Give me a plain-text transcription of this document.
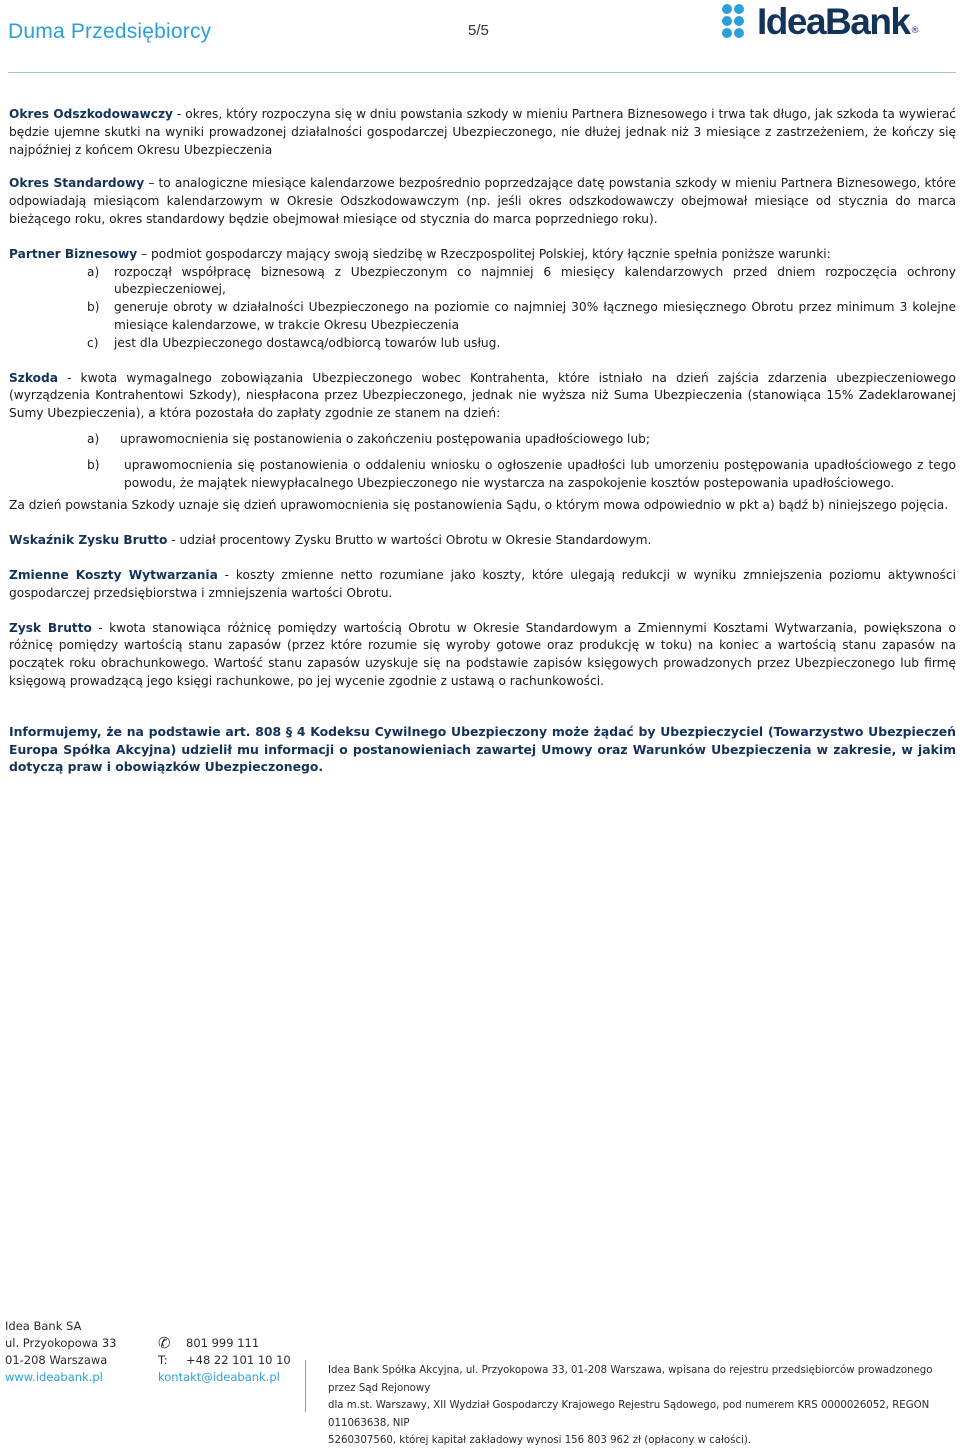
Duma Przedsiębiorcy	5/5	IdeaBank ®

Okres Odszkodowawczy - okres, który rozpoczyna się w dniu powstania szkody w mieniu Partnera Biznesowego i trwa tak długo, jak szkoda ta wywierać będzie ujemne skutki na wyniki prowadzonej działalności gospodarczej Ubezpieczonego, nie dłużej jednak niż 3 miesiące z zastrzeżeniem, że kończy się najpóźniej z końcem Okresu Ubezpieczenia

Okres Standardowy – to analogiczne miesiące kalendarzowe bezpośrednio poprzedzające datę powstania szkody w mieniu Partnera Biznesowego, które odpowiadają miesiącom kalendarzowym w Okresie Odszkodowawczym (np. jeśli okres odszkodowawczy obejmował miesiące od stycznia do marca bieżącego roku, okres standardowy będzie obejmował miesiące od stycznia do marca poprzedniego roku).

Partner Biznesowy – podmiot gospodarczy mający swoją siedzibę w Rzeczpospolitej Polskiej, który łącznie spełnia poniższe warunki:

a)	rozpoczął współpracę biznesową z Ubezpieczonym co najmniej 6 miesięcy kalendarzowych przed dniem rozpoczęcia ochrony ubezpieczeniowej,
b)	generuje obroty w działalności Ubezpieczonego na poziomie co najmniej 30% łącznego miesięcznego Obrotu przez minimum 3 kolejne miesiące kalendarzowe, w trakcie Okresu Ubezpieczenia
c)	jest dla Ubezpieczonego dostawcą/odbiorcą towarów lub usług.

Szkoda - kwota wymagalnego zobowiązania Ubezpieczonego wobec Kontrahenta, które istniało na dzień zajścia zdarzenia ubezpieczeniowego (wyrządzenia Kontrahentowi Szkody), niespłacona przez Ubezpieczonego, jednak nie wyższa niż Suma Ubezpieczenia (stanowiąca 15% Zadeklarowanej Sumy Ubezpieczenia), a która pozostała do zapłaty zgodnie ze stanem na dzień:

a)	uprawomocnienia się postanowienia o zakończeniu postępowania upadłościowego lub;
b)	uprawomocnienia się postanowienia o oddaleniu wniosku o ogłoszenie upadłości lub umorzeniu postępowania upadłościowego z tego powodu, że majątek niewypłacalnego Ubezpieczonego nie wystarcza na zaspokojenie kosztów postepowania upadłościowego.

Za dzień powstania Szkody uznaje się dzień uprawomocnienia się postanowienia Sądu, o którym mowa odpowiednio w pkt a) bądź b) niniejszego pojęcia.

Wskaźnik Zysku Brutto - udział procentowy Zysku Brutto w wartości Obrotu w Okresie Standardowym.

Zmienne Koszty Wytwarzania - koszty zmienne netto rozumiane jako koszty, które ulegają redukcji w wyniku zmniejszenia poziomu aktywności gospodarczej przedsiębiorstwa i zmniejszenia wartości Obrotu.

Zysk Brutto - kwota stanowiąca różnicę pomiędzy wartością Obrotu w Okresie Standardowym a Zmiennymi Kosztami Wytwarzania, powiększona o różnicę pomiędzy wartością stanu zapasów (przez które rozumie się wyroby gotowe oraz produkcję w toku) na koniec a wartością stanu zapasów na początek roku obrachunkowego. Wartość stanu zapasów uzyskuje się na podstawie zapisów księgowych prowadzonych przez Ubezpieczonego lub firmę księgową prowadzącą jego księgi rachunkowe, po jej wycenie zgodnie z ustawą o rachunkowości.

Informujemy, że na podstawie art. 808 § 4 Kodeksu Cywilnego Ubezpieczony może żądać by Ubezpieczyciel (Towarzystwo Ubezpieczeń Europa Spółka Akcyjna) udzielił mu informacji o postanowieniach zawartej Umowy oraz Warunków Ubezpieczenia w zakresie, w jakim dotyczą praw i obowiązków Ubezpieczonego.

Idea Bank SA
ul. Przyokopowa 33
01-208 Warszawa
www.ideabank.pl

✆	801 999 111
T:	+48 22 101 10 10
kontakt@ideabank.pl	Idea Bank Spółka Akcyjna, ul. Przyokopowa 33, 01-208 Warszawa, wpisana do rejestru przedsiębiorców prowadzonego przez Sąd Rejonowy
dla m.st. Warszawy, XII Wydział Gospodarczy Krajowego Rejestru Sądowego, pod numerem KRS 0000026052, REGON 011063638, NIP
5260307560, której kapitał zakładowy wynosi 156 803 962 zł (opłacony w całości).
